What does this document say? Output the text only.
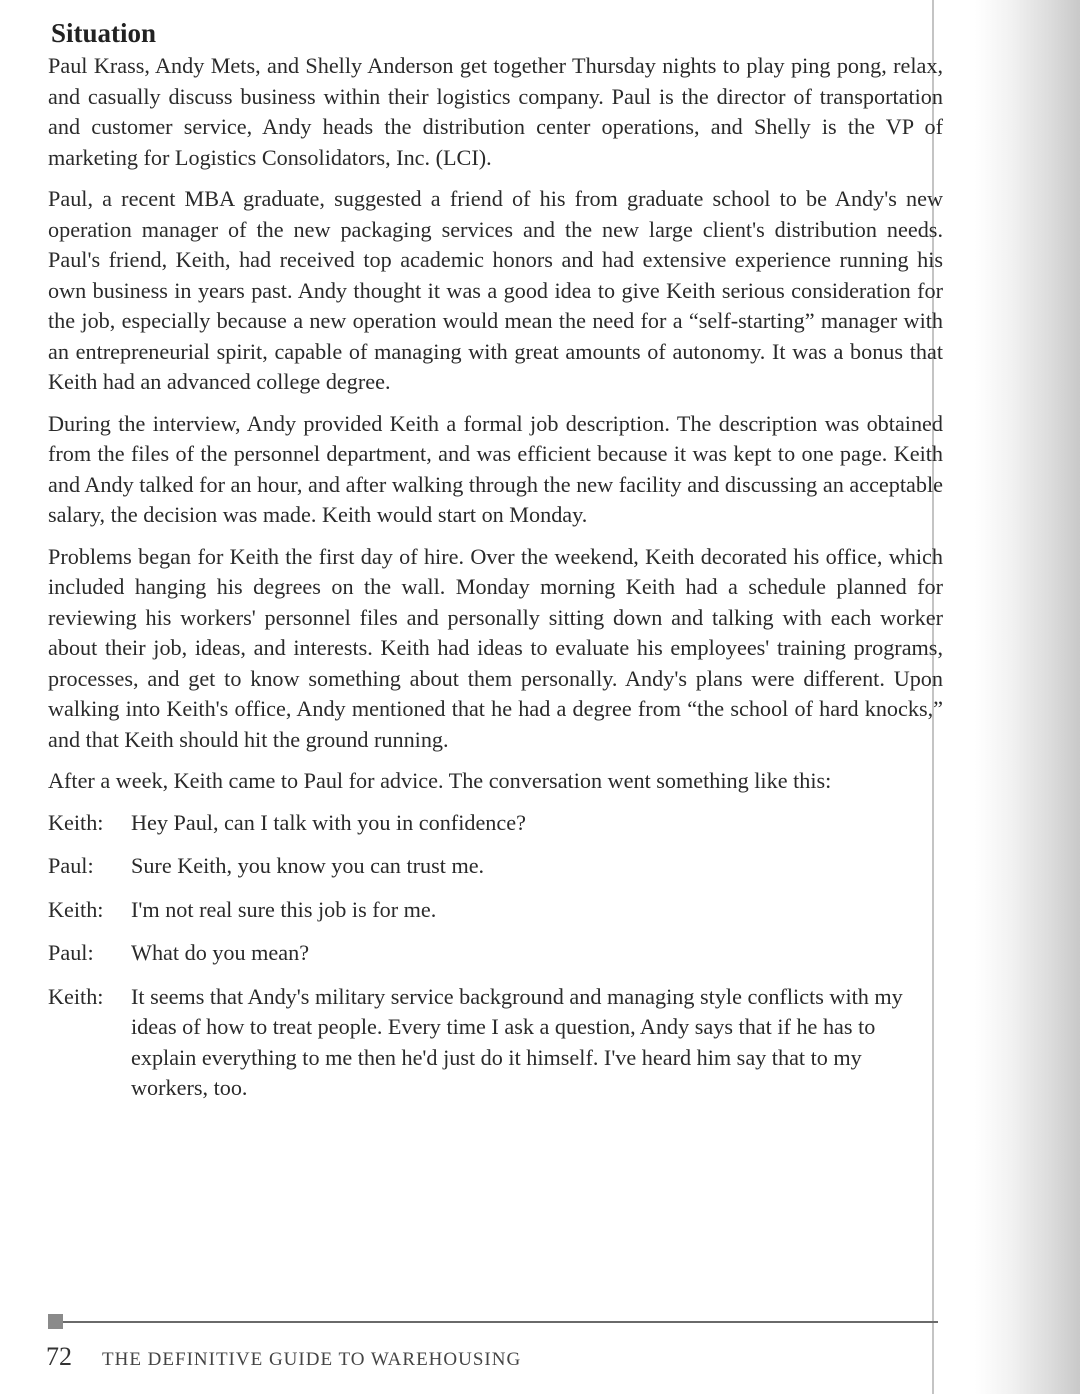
Situation

Paul Krass, Andy Mets, and Shelly Anderson get together Thursday nights to play ping pong, relax, and casually discuss business within their logistics company. Paul is the director of transportation and customer service, Andy heads the distribution center operations, and Shelly is the VP of marketing for Logistics Consolidators, Inc. (LCI).

Paul, a recent MBA graduate, suggested a friend of his from graduate school to be Andy's new operation manager of the new packaging services and the new large client's distribution needs. Paul's friend, Keith, had received top academic honors and had extensive experience running his own business in years past. Andy thought it was a good idea to give Keith serious consideration for the job, especially because a new operation would mean the need for a “self-starting” manager with an entrepreneurial spirit, capable of managing with great amounts of autonomy. It was a bonus that Keith had an advanced college degree.

During the interview, Andy provided Keith a formal job description. The description was obtained from the files of the personnel department, and was efficient because it was kept to one page. Keith and Andy talked for an hour, and after walking through the new facility and discussing an acceptable salary, the decision was made. Keith would start on Monday.

Problems began for Keith the first day of hire. Over the weekend, Keith decorated his office, which included hanging his degrees on the wall. Monday morning Keith had a schedule planned for reviewing his workers' personnel files and personally sitting down and talking with each worker about their job, ideas, and interests. Keith had ideas to evaluate his employees' training programs, processes, and get to know something about them personally. Andy's plans were different. Upon walking into Keith's office, Andy mentioned that he had a degree from “the school of hard knocks,” and that Keith should hit the ground running.

After a week, Keith came to Paul for advice. The conversation went something like this:

Keith:	Hey Paul, can I talk with you in confidence?
Paul:	Sure Keith, you know you can trust me.
Keith:	I'm not real sure this job is for me.
Paul:	What do you mean?
Keith:	It seems that Andy's military service background and managing style conflicts with my ideas of how to treat people. Every time I ask a question, Andy says that if he has to explain everything to me then he'd just do it himself. I've heard him say that to my workers, too.
72 THE DEFINITIVE GUIDE TO WAREHOUSING
